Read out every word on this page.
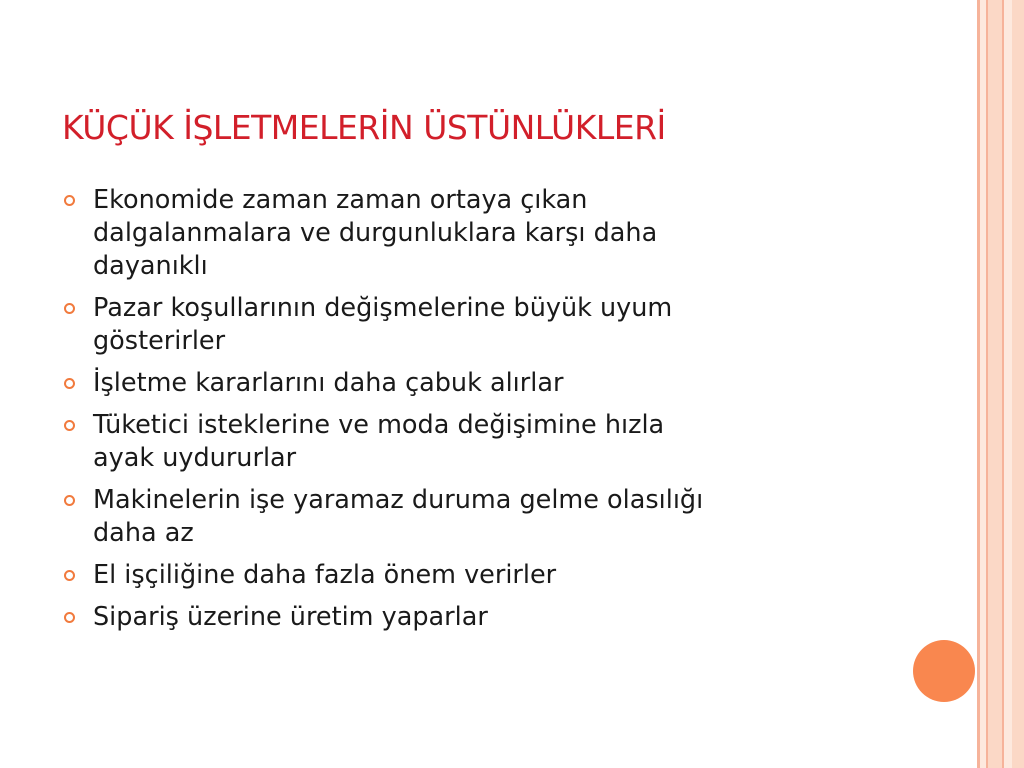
KÜÇÜK İŞLETMELERİN ÜSTÜNLÜKLERİ
Ekonomide zaman zaman ortaya çıkan
dalgalanmalara ve durgunluklara karşı daha
dayanıklı
Pazar koşullarının değişmelerine büyük uyum
gösterirler
İşletme kararlarını daha çabuk alırlar
Tüketici isteklerine ve moda değişimine hızla
ayak uydururlar
Makinelerin işe yaramaz duruma gelme olasılığı
daha az
El işçiliğine daha fazla önem verirler
Sipariş üzerine üretim yaparlar
